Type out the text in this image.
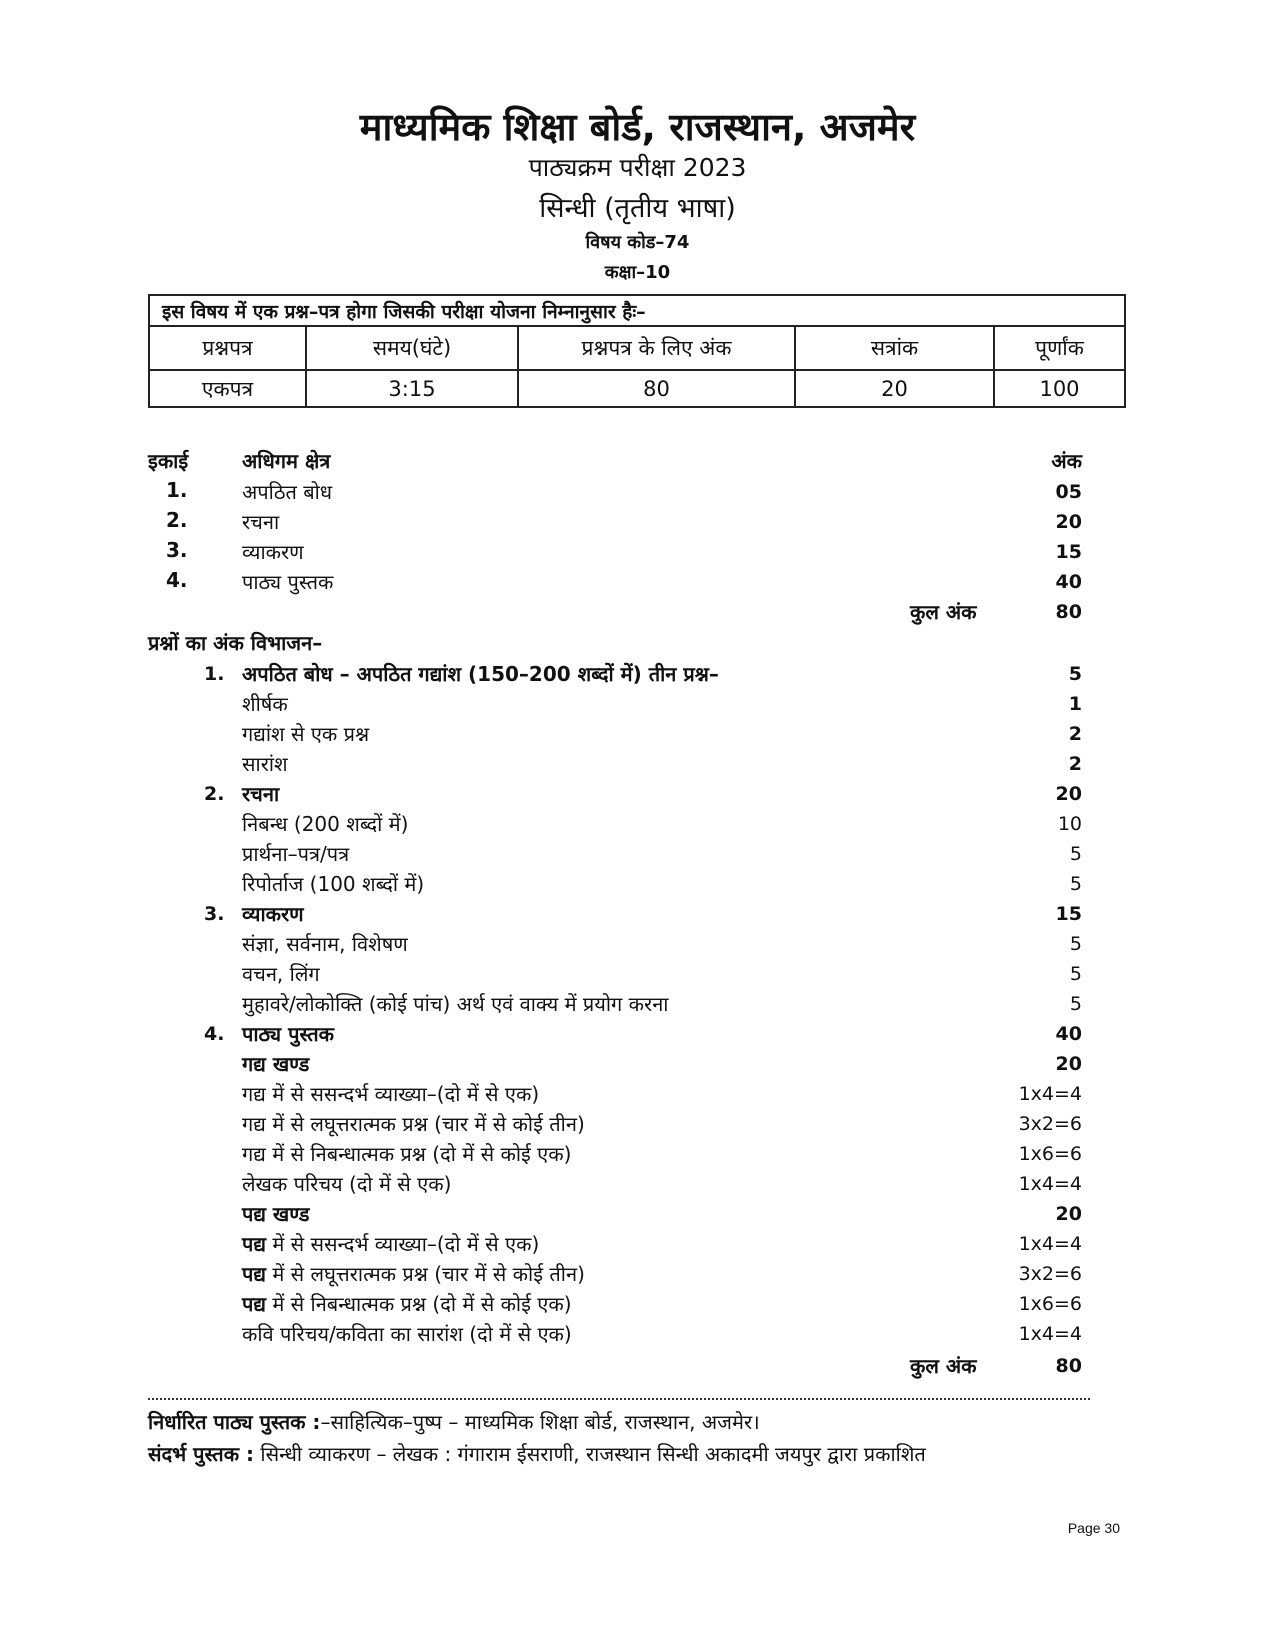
माध्यमिक शिक्षा बोर्ड, राजस्थान, अजमेर
पाठ्यक्रम परीक्षा 2023
सिन्धी (तृतीय भाषा)
विषय कोड–74
कक्षा–10
इस विषय में एक प्रश्न–पत्र होगा जिसकी परीक्षा योजना निम्नानुसार हैः–				
प्रश्नपत्र	समय(घंटे)	प्रश्नपत्र के लिए अंक	सत्रांक	पूर्णांक
एकपत्र	3:15	80	20	100
इकाई	अधिगम क्षेत्र	अंक
1.	अपठित बोध	05
2.	रचना	20
3.	व्याकरण	15
4.	पाठ्य पुस्तक	40
कुल अंक	80
प्रश्नों का अंक विभाजन–
1. अपठित बोध – अपठित गद्यांश (150–200 शब्दों में) तीन प्रश्न–	5
शीर्षक	1
गद्यांश से एक प्रश्न	2
सारांश	2
2. रचना	20
निबन्ध (200 शब्दों में)	10
प्रार्थना–पत्र/पत्र	5
रिपोर्ताज (100 शब्दों में)	5
3. व्याकरण	15
संज्ञा, सर्वनाम, विशेषण	5
वचन, लिंग	5
मुहावरे/लोकोक्ति (कोई पांच) अर्थ एवं वाक्य में प्रयोग करना	5
4. पाठ्य पुस्तक	40
गद्य खण्ड	20
गद्य में से ससन्दर्भ व्याख्या–(दो में से एक)	1x4=4
गद्य में से लघूत्तरात्मक प्रश्न (चार में से कोई तीन)	3x2=6
गद्य में से निबन्धात्मक प्रश्न (दो में से कोई एक)	1x6=6
लेखक परिचय (दो में से एक)	1x4=4
पद्य खण्ड	20
पद्य में से ससन्दर्भ व्याख्या–(दो में से एक)	1x4=4
पद्य में से लघूत्तरात्मक प्रश्न (चार में से कोई तीन)	3x2=6
पद्य में से निबन्धात्मक प्रश्न (दो में से कोई एक)	1x6=6
कवि परिचय/कविता का सारांश (दो में से एक)	1x4=4
कुल अंक	80
निर्धारित पाठ्य पुस्तक :–साहित्यिक–पुष्प – माध्यमिक शिक्षा बोर्ड, राजस्थान, अजमेर।
संदर्भ पुस्तक : सिन्धी व्याकरण – लेखक : गंगाराम ईसराणी, राजस्थान सिन्धी अकादमी जयपुर द्वारा प्रकाशित
Page 30
